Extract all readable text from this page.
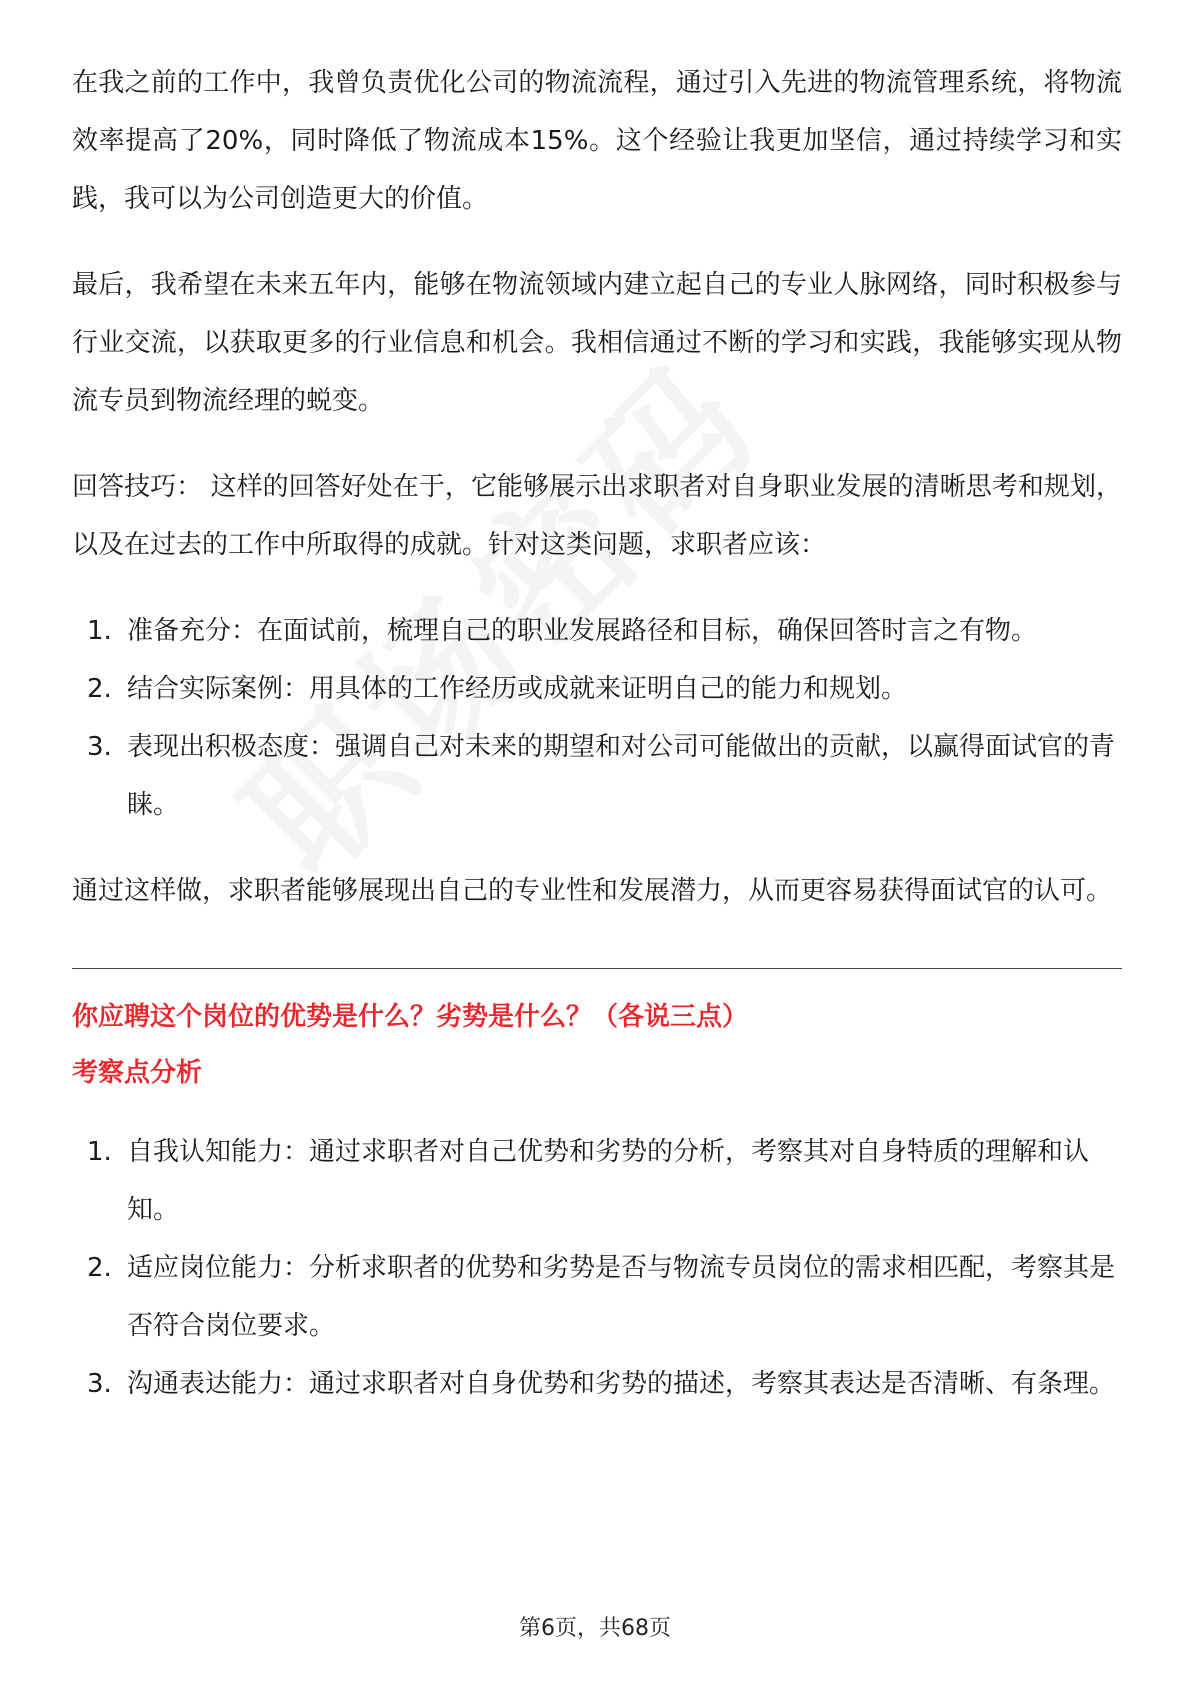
在我之前的工作中，我曾负责优化公司的物流流程，通过引入先进的物流管理系统，将物流效率提高了20%，同时降低了物流成本15%。这个经验让我更加坚信，通过持续学习和实践，我可以为公司创造更大的价值。

最后，我希望在未来五年内，能够在物流领域内建立起自己的专业人脉网络，同时积极参与行业交流，以获取更多的行业信息和机会。我相信通过不断的学习和实践，我能够实现从物流专员到物流经理的蜕变。

回答技巧： 这样的回答好处在于，它能够展示出求职者对自身职业发展的清晰思考和规划，以及在过去的工作中所取得的成就。针对这类问题，求职者应该：

1. 准备充分：在面试前，梳理自己的职业发展路径和目标，确保回答时言之有物。
2. 结合实际案例：用具体的工作经历或成就来证明自己的能力和规划。
3. 表现出积极态度：强调自己对未来的期望和对公司可能做出的贡献，以赢得面试官的青睐。

通过这样做，求职者能够展现出自己的专业性和发展潜力，从而更容易获得面试官的认可。

你应聘这个岗位的优势是什么？劣势是什么？（各说三点）

考察点分析

1. 自我认知能力：通过求职者对自己优势和劣势的分析，考察其对自身特质的理解和认知。
2. 适应岗位能力：分析求职者的优势和劣势是否与物流专员岗位的需求相匹配，考察其是否符合岗位要求。
3. 沟通表达能力：通过求职者对自身优势和劣势的描述，考察其表达是否清晰、有条理。
第6页，共68页
